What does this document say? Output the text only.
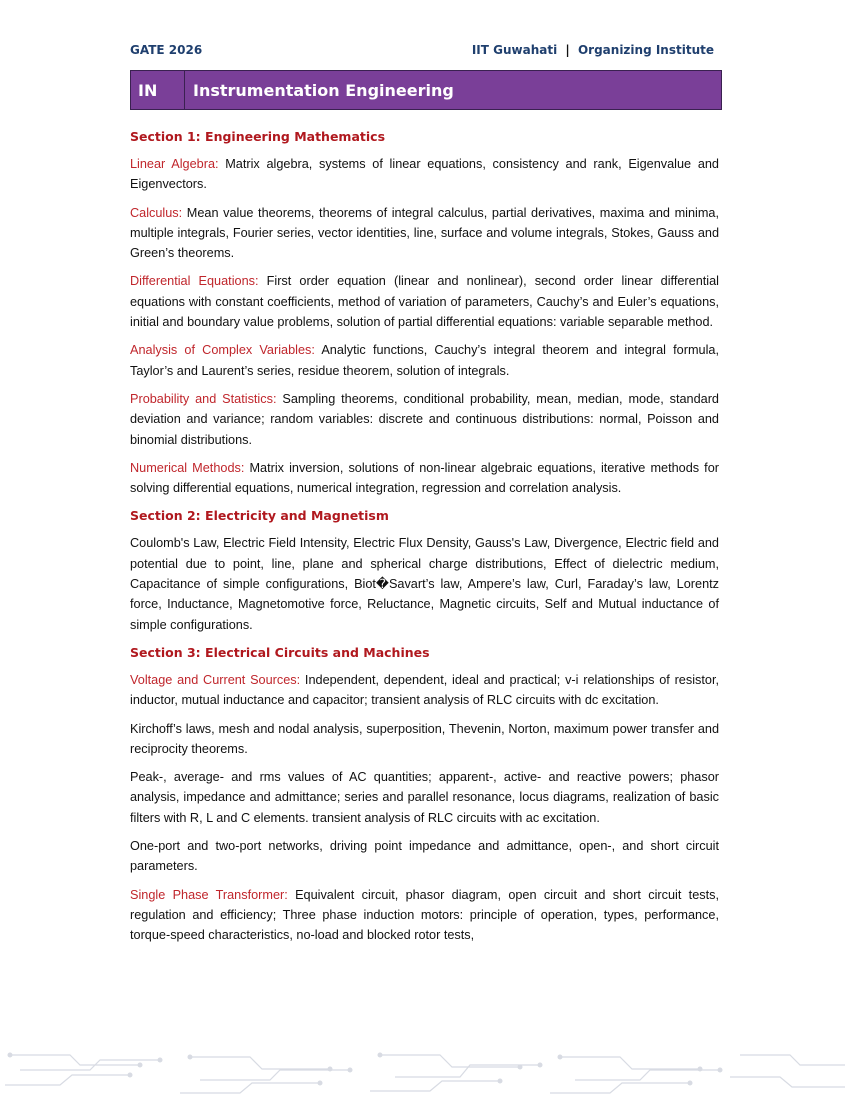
GATE 2026	IIT Guwahati | Organizing Institute
IN	Instrumentation Engineering
Section 1: Engineering Mathematics

Linear Algebra: Matrix algebra, systems of linear equations, consistency and rank, Eigenvalue and Eigenvectors.

Calculus: Mean value theorems, theorems of integral calculus, partial derivatives, maxima and minima, multiple integrals, Fourier series, vector identities, line, surface and volume integrals, Stokes, Gauss and Green’s theorems.

Differential Equations: First order equation (linear and nonlinear), second order linear differential equations with constant coefficients, method of variation of parameters, Cauchy’s and Euler’s equations, initial and boundary value problems, solution of partial differential equations: variable separable method.

Analysis of Complex Variables: Analytic functions, Cauchy’s integral theorem and integral formula, Taylor’s and Laurent’s series, residue theorem, solution of integrals.

Probability and Statistics: Sampling theorems, conditional probability, mean, median, mode, standard deviation and variance; random variables: discrete and continuous distributions: normal, Poisson and binomial distributions.

Numerical Methods: Matrix inversion, solutions of non-linear algebraic equations, iterative methods for solving differential equations, numerical integration, regression and correlation analysis.

Section 2: Electricity and Magnetism

Coulomb's Law, Electric Field Intensity, Electric Flux Density, Gauss's Law, Divergence, Electric field and potential due to point, line, plane and spherical charge distributions, Effect of dielectric medium, Capacitance of simple configurations, Biot�Savart’s law, Ampere’s law, Curl, Faraday’s law, Lorentz force, Inductance, Magnetomotive force, Reluctance, Magnetic circuits, Self and Mutual inductance of simple configurations.

Section 3: Electrical Circuits and Machines

Voltage and Current Sources: Independent, dependent, ideal and practical; v-i relationships of resistor, inductor, mutual inductance and capacitor; transient analysis of RLC circuits with dc excitation.

Kirchoff’s laws, mesh and nodal analysis, superposition, Thevenin, Norton, maximum power transfer and reciprocity theorems.

Peak-, average- and rms values of AC quantities; apparent-, active- and reactive powers; phasor analysis, impedance and admittance; series and parallel resonance, locus diagrams, realization of basic filters with R, L and C elements. transient analysis of RLC circuits with ac excitation.

One-port and two-port networks, driving point impedance and admittance, open-, and short circuit parameters.

Single Phase Transformer: Equivalent circuit, phasor diagram, open circuit and short circuit tests, regulation and efficiency; Three phase induction motors: principle of operation, types, performance, torque-speed characteristics, no-load and blocked rotor tests,
